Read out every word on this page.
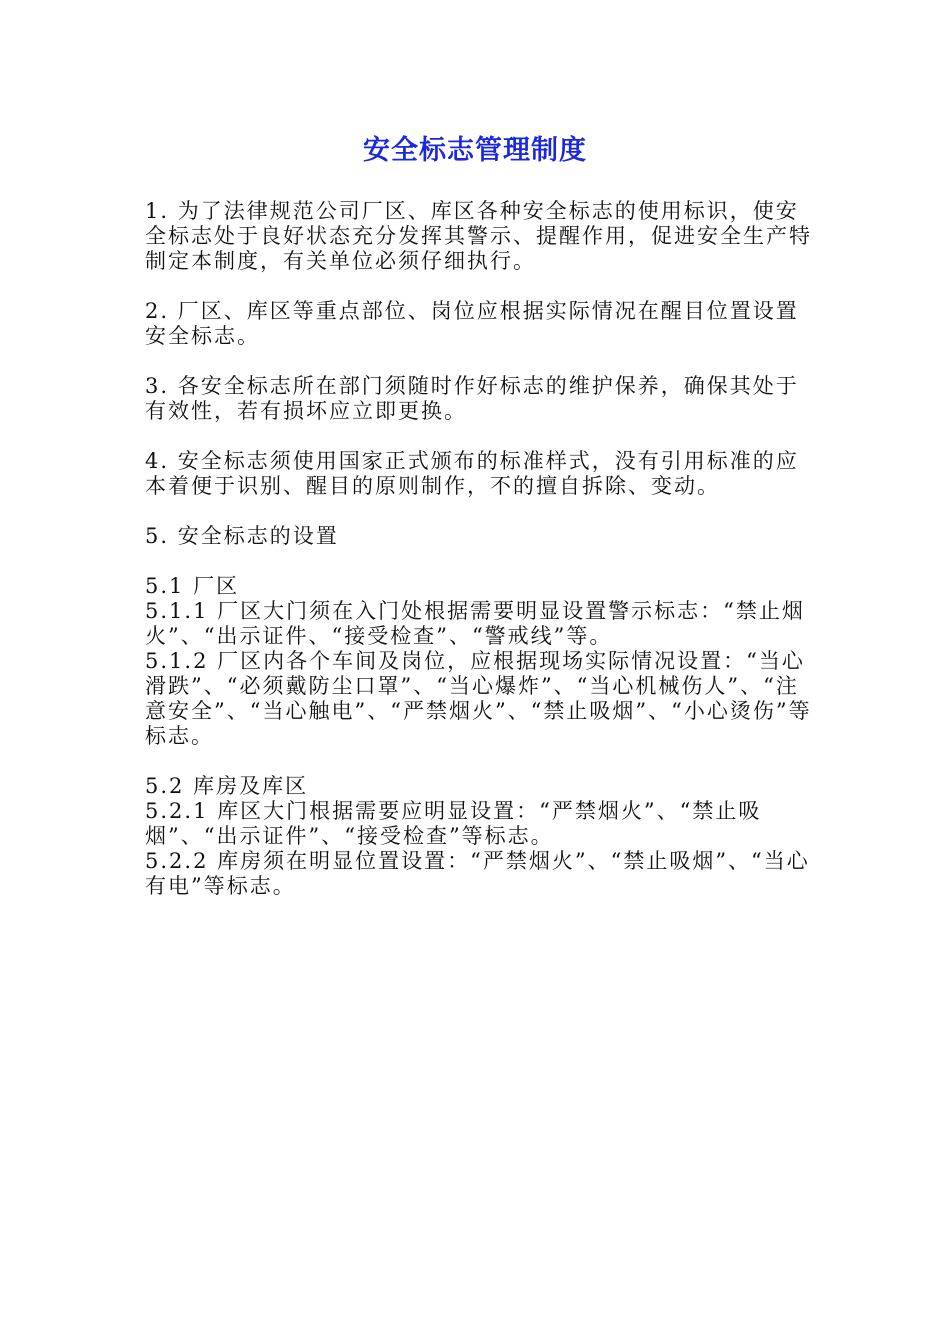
安全标志管理制度

1. 为了法律规范公司厂区、库区各种安全标志的使用标识，使安全标志处于良好状态充分发挥其警示、提醒作用，促进安全生产特制定本制度，有关单位必须仔细执行。

2. 厂区、库区等重点部位、岗位应根据实际情况在醒目位置设置安全标志。

3. 各安全标志所在部门须随时作好标志的维护保养，确保其处于有效性，若有损坏应立即更换。

4. 安全标志须使用国家正式颁布的标准样式，没有引用标准的应本着便于识别、醒目的原则制作，不的擅自拆除、变动。

5. 安全标志的设置

5.1 厂区
5.1.1 厂区大门须在入门处根据需要明显设置警示标志：“禁止烟火”、“出示证件、“接受检查”、“警戒线”等。
5.1.2 厂区内各个车间及岗位，应根据现场实际情况设置：“当心滑跌”、“必须戴防尘口罩”、“当心爆炸”、“当心机械伤人”、“注意安全”、“当心触电”、“严禁烟火”、“禁止吸烟”、“小心烫伤”等标志。
5.2 库房及库区
5.2.1 库区大门根据需要应明显设置：“严禁烟火”、“禁止吸烟”、“出示证件”、“接受检查”等标志。
5.2.2 库房须在明显位置设置：“严禁烟火”、“禁止吸烟”、“当心有电”等标志。
